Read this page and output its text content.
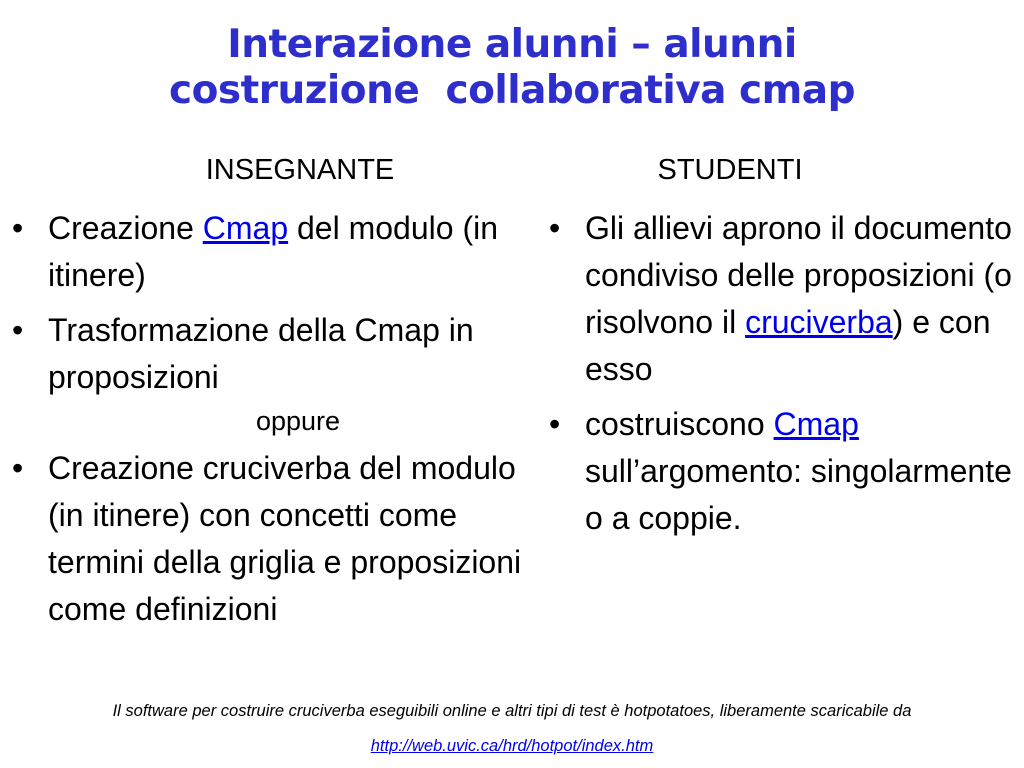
Interazione alunni – alunni
costruzione  collaborativa cmap
INSEGNANTE	STUDENTI
• Creazione Cmap del modulo (in itinere)
• Trasformazione della Cmap in proposizioni
oppure
• Creazione cruciverba del modulo (in itinere) con concetti come termini della griglia e proposizioni come definizioni
• Gli allievi aprono il documento condiviso delle proposizioni (o risolvono il cruciverba) e con esso
• costruiscono Cmap sull’argomento: singolarmente o a coppie.
Il software per costruire cruciverba eseguibili online e altri tipi di test è hotpotatoes, liberamente scaricabile da
http://web.uvic.ca/hrd/hotpot/index.htm
